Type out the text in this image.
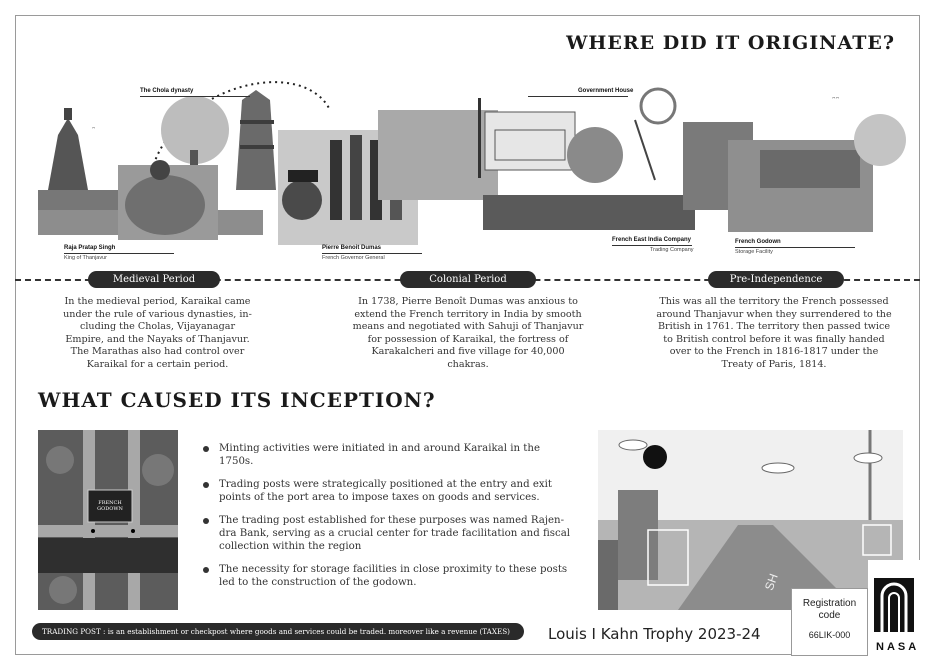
WHERE DID IT ORIGINATE?
ᵔᵔ
ᵔ
The Chola dynasty	Government House
Raja Pratap Singh
King of Thanjavur
Pierre Benoit Dumas
French Governor General
French East India Company
Trading Company
French Godown
Storage Facility
Medieval Period	Colonial Period	Pre-Independence
In the medieval period, Karaikal came under the rule of various dynasties, in-cluding the Cholas, Vijayanagar Empire, and the Nayaks of Thanjavur. The Marathas also had control over Karaikal for a certain period.
In 1738, Pierre Benoît Dumas was anxious to extend the French territory in India by smooth means and negotiated with Sahuji of Thanjavur for possession of Karaikal, the fortress of Karakalcheri and five village for 40,000 chakras.
This was all the territory the French possessed around Thanjavur when they surrendered to the British in 1761. The territory then passed twice to British control before it was finally handed over to the French in 1816-1817 under the Treaty of Paris, 1814.
WHAT CAUSED ITS INCEPTION?
FRENCH GODOWN
Minting activities were initiated in and around Karaikal in the 1750s.
Trading posts were strategically positioned at the entry and exit points of the port area to impose taxes on goods and services.
The trading post established for these purposes was named Rajen-dra Bank, serving as a crucial center for trade facilitation and fiscal collection within the region
The necessity for storage facilities in close proximity to these posts led to the construction of the godown.	SH
TRADING POST : is an establishment or checkpost where goods and services could be traded. moreover like a revenue (TAXES)	Louis I Kahn Trophy 2023-24
Registration code
66LIK-000
NASA
